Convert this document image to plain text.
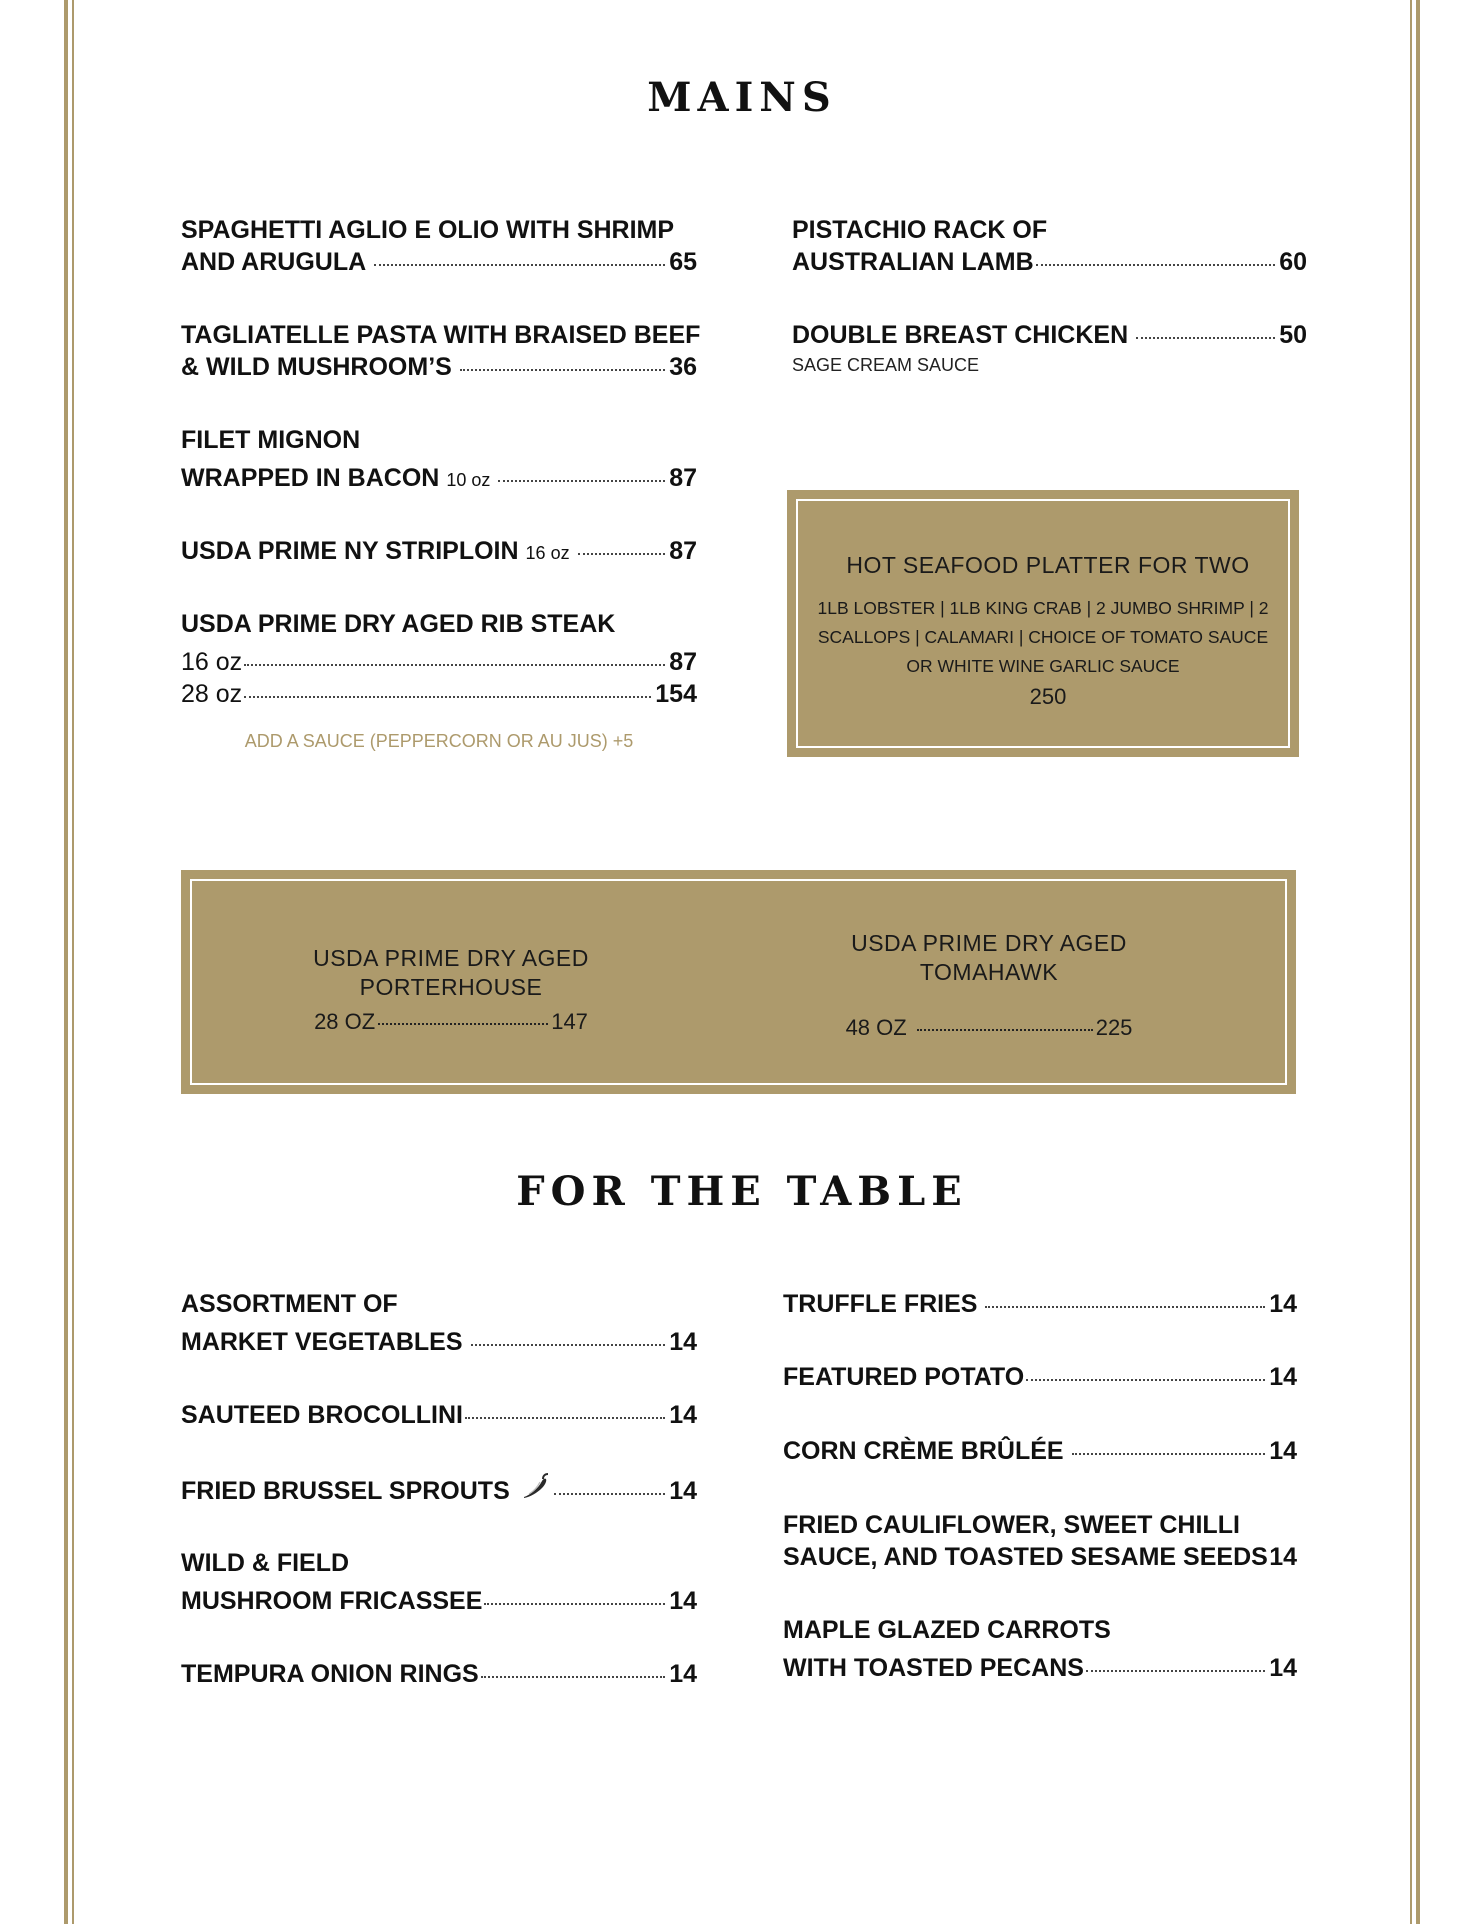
MAINS
SPAGHETTI AGLIO E OLIO WITH SHRIMP
AND ARUGULA	65
TAGLIATELLE PASTA WITH BRAISED BEEF
& WILD MUSHROOM’S	36
FILET MIGNON
WRAPPED IN BACON 10 oz	87
USDA PRIME NY STRIPLOIN 16 oz	87
USDA PRIME DRY AGED RIB STEAK
16 oz	87
28 oz	154
ADD A SAUCE (PEPPERCORN OR AU JUS) +5
PISTACHIO RACK OF
AUSTRALIAN LAMB	60
DOUBLE BREAST CHICKEN	50
SAGE CREAM SAUCE
HOT SEAFOOD PLATTER FOR TWO
1LB LOBSTER | 1LB KING CRAB | 2 JUMBO SHRIMP | 2
SCALLOPS | CALAMARI | CHOICE OF TOMATO SAUCE
OR WHITE WINE GARLIC SAUCE
250
USDA PRIME DRY AGED
PORTERHOUSE
28 OZ	147
USDA PRIME DRY AGED
TOMAHAWK
48 OZ	225
FOR THE TABLE
ASSORTMENT OF
MARKET VEGETABLES	14
SAUTEED BROCOLLINI	14
FRIED BRUSSEL SPROUTS	14
WILD & FIELD
MUSHROOM FRICASSEE	14
TEMPURA ONION RINGS	14
TRUFFLE FRIES	14
FEATURED POTATO	14
CORN CRÈME BRÛLÉE	14
FRIED CAULIFLOWER, SWEET CHILLI
SAUCE, AND TOASTED SESAME SEEDS 14
MAPLE GLAZED CARROTS
WITH TOASTED PECANS	14
